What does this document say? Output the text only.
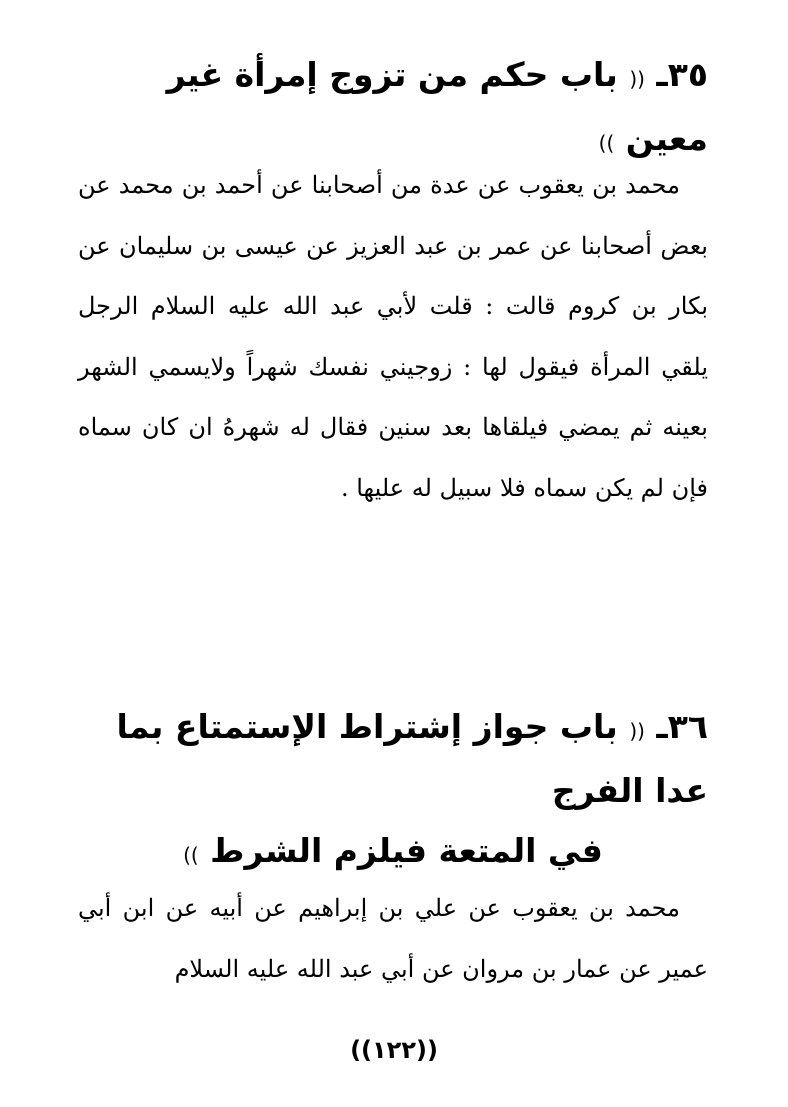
٣٥ـ (( باب حكم من تزوج إمرأة غير معين ))

محمد بن يعقوب عن عدة من أصحابنا عن أحمد بن محمد عن بعض أصحابنا عن عمر بن عبد العزيز عن عيسى بن سليمان عن بكار بن كروم قالت : قلت لأبي عبد الله عليه السلام الرجل يلقي المرأة فيقول لها : زوجيني نفسك شهراً ولايسمي الشهر بعينه ثم يمضي فيلقاها بعد سنين فقال له شهرهُ ان كان سماه فإن لم يكن سماه فلا سبيل له عليها .

٣٦ـ (( باب جواز إشتراط الإستمتاع بما عدا الفرج
في المتعة فيلزم الشرط ))

محمد بن يعقوب عن علي بن إبراهيم عن أبيه عن ابن أبي عمير عن عمار بن مروان عن أبي عبد الله عليه السلام

((١٢٢))
